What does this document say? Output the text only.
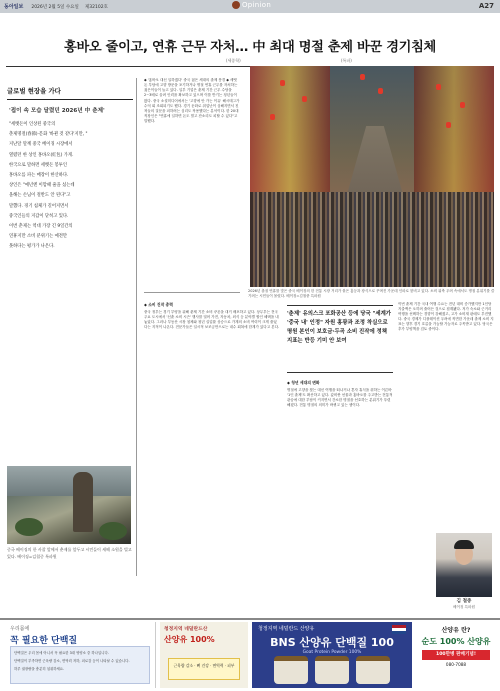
동아일보 2026년 2월 5일 수요일 제32102호	Opinion	A27
홍바오 줄이고, 연휴 근무 자처… 中 최대 명절 춘제 바꾼 경기침체
(세종학)	(특파)
글로벌 현장을 가다
'접이 속 모습 달렸던 2026년 中 춘제'
"세뱃돈이 인상된 중국의
춘제명절(春節)·문화 '바뀐 것 같다'지만, "
지난달 말께 중국 베이징 시장에서
열렸던 한 상인 홍바오(紅包) 가게.
한국으로 말하면 세뱃돈 봉투인
홍바오를 파는 매장이 한산하다.
상인은 "예년엔 이맘때 줄을 섰는데
올해는 손님이 절반도 안 된다"고
말했다. 경기 침체가 길어지면서
중국인들의 지갑이 닫히고 있다.
이번 춘제는 역대 가장 긴 9일간의
연휴지만 소비 분위기는 예전만
못하다는 평가가 나온다.
중국 베이징의 한 사찰 앞에서 춘제를 앞두고 시민들이 새해 소원을 빌고 있다. 베이징=김철중 특파원
◆ '홍바오 대신 일하겠다' 중국 젊은 세대의 춘제 풍경 ◆ 세뱃돈 부담에 고향 방문을 포기하거나 명절 연휴 근무를 자처하는 젊은이들이 늘고 있다. 일부 기업은 춘제 기간 근무 수당을 2~3배로 올려 인력을 확보하고 있으며 이를 반기는 청년들이 많다. 중국 소셜미디어에서는 '고향에 안 가는 이유' 해시태그가 수억 회 조회되기도 했다. 경기 둔화로 취업난이 심해지면서 친척들의 질문을 피하려는 심리도 작용했다는 분석이다. 한 20대 직장인은 "연휴에 일하면 돈도 벌고 잔소리도 피할 수 있다"고 말했다.
2026년 춘절 연휴를 맞은 중국 베이징의 한 전통 시장 거리가 붉은 홍등과 장식으로 꾸며진 가운데 인파로 붐비고 있다. 소비 위축 우려 속에서도 명절 분위기를 즐기려는 시민들이 몰렸다. 베이징=김철중 특파원
◆ 소비 진작 총력
중국 정부는 경기 부양을 위해 춘제 기간 소비 쿠폰을 대거 배포하고 있다. 상무부는 전국 주요 도시에서 '신춘 소비 시즌' 행사를 열어 가전, 자동차, 외식 등 분야별 할인 혜택을 내놓았다. 그러나 부동산 시장 침체와 청년 실업률 상승으로 가계의 소비 여력이 크게 줄었다는 지적이 나온다. 전문가들은 일시적 보조금만으로는 내수 회복에 한계가 있다고 본다.
'춘제' 유의스크 포화공산 등에 당국 "세계가 '중국 내' 인정" 자원 홍광과 조정 착실으로 명원 본인이 보호금·두곡 소비 진작에 정책 지표는 반등 기미 안 보여
◆ 청년 세대의 변화
명절에 고향을 찾는 대신 여행을 떠나거나 혼자 휴식을 취하는 이른바 '1인 춘제'도 확산하고 있다. 값비싼 선물과 홍바오를 주고받는 전통적 관습에 대한 부담이 커지면서 간소한 명절을 선호하는 분위기가 뚜렷해졌다. 전통 명절의 의미가 바뀌고 있는 셈이다.
이번 춘제 기간 국내 여행 수요는 전년 대비 증가했지만 1인당 지출액은 오히려 줄어든 것으로 집계됐다. 저가 숙소와 근거리 여행을 선택하는 경향이 강해졌고, 고가 소비재 판매도 부진했다. 중국 경제가 디플레이션 우려에 직면한 가운데 춘제 소비 지표는 향후 경기 흐름을 가늠할 가늠자로 주목받고 있다. 당국은 추가 부양책을 검토 중이다.
김 철중
베이징 특파원
우리몸에
꼭 필요한 단백질
단백질은 우리 몸에 아니서 꼭 필요한 3대 영양소 중 하나입니다.
단백질이 부족하면 근육량 감소, 면역력 저하, 피로감 등이 나타날 수 있습니다.
하루 권장량을 충분히 섭취하세요.
청정지역 네덜란드산
산양유 100%
근육량 감소 · 뼈 건강 · 면역력 · 피부
청정지역 네덜란드 산양유
BNS 산양유 단백질 100
Goat Protein Powder 100%
산양유 란?
순도 100% 산양유
100만병 판매기념!
080-7088
